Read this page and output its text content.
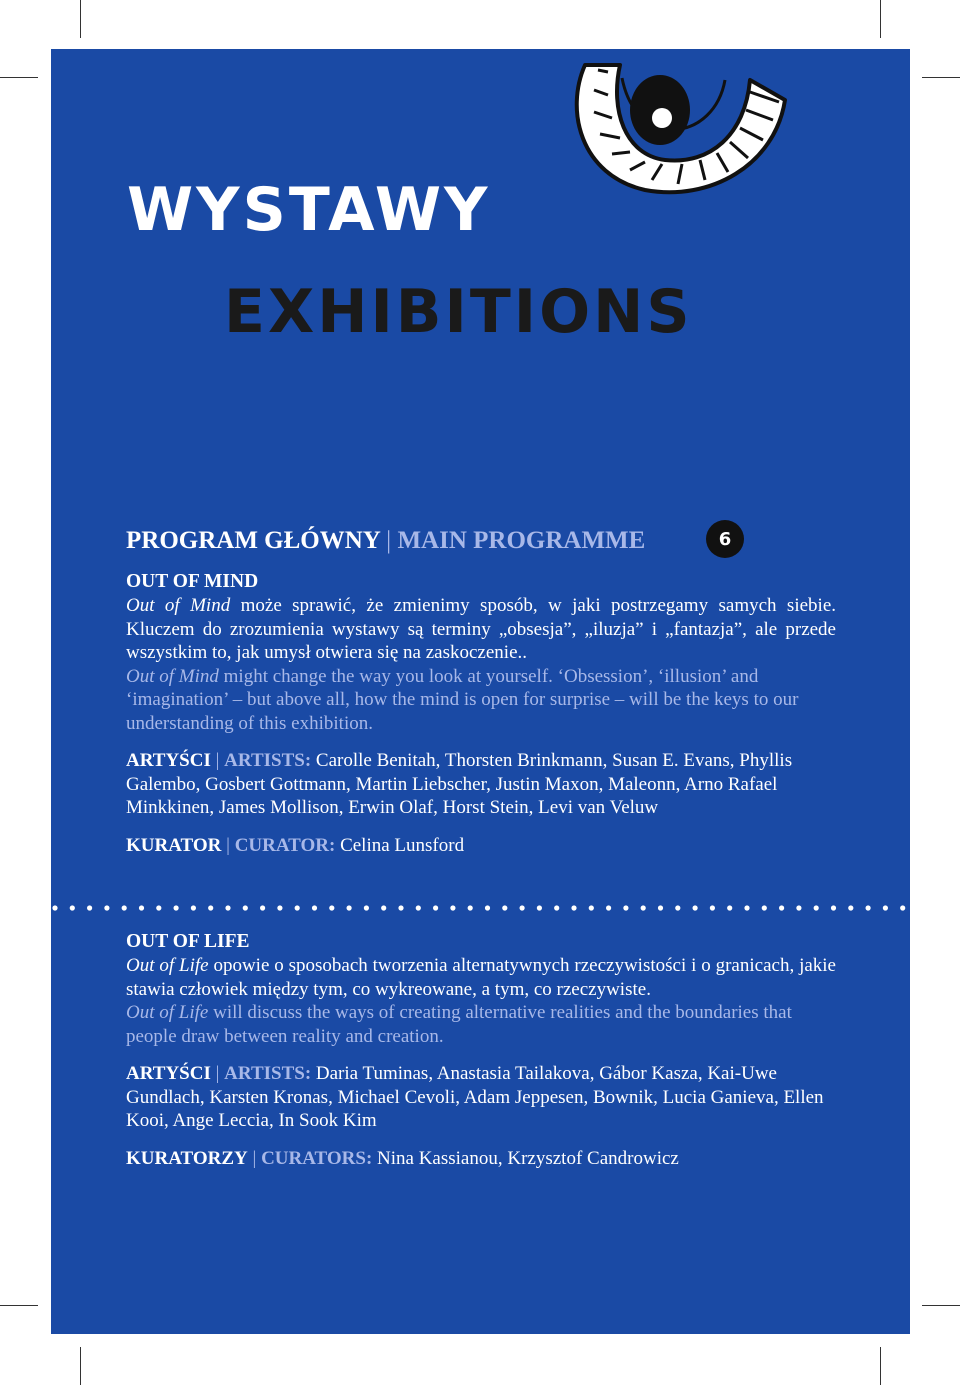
WYSTAWY
EXHIBITIONS
PROGRAM GŁÓWNY | MAIN PROGRAMME	6
OUT OF MIND

Out of Mind może sprawić, że zmienimy sposób, w jaki postrzegamy samych siebie. Kluczem do zrozumienia wystawy są terminy „obsesja”, „iluzja” i „fantazja”, ale przede wszystkim to, jak umysł otwiera się na zaskoczenie..

Out of Mind might change the way you look at yourself. ‘Obsession’, ‘illusion’ and ‘imagination’ – but above all, how the mind is open for surprise – will be the keys to our understanding of this exhibition.

ARTYŚCI | ARTISTS: Carolle Benitah, Thorsten Brinkmann, Susan E. Evans, Phyllis Galembo, Gosbert Gottmann, Martin Liebscher, Justin Maxon, Maleonn, Arno Rafael Minkkinen, James Mollison, Erwin Olaf, Horst Stein, Levi van Veluw

KURATOR | CURATOR: Celina Lunsford

OUT OF LIFE

Out of Life opowie o sposobach tworzenia alternatywnych rzeczywistości i o granicach, jakie stawia człowiek między tym, co wykreowane, a tym, co rzeczywiste.

Out of Life will discuss the ways of creating alternative realities and the boundaries that people draw between reality and creation.

ARTYŚCI | ARTISTS: Daria Tuminas, Anastasia Tailakova, Gábor Kasza, Kai-Uwe Gundlach, Karsten Kronas, Michael Cevoli, Adam Jeppesen, Bownik, Lucia Ganieva, Ellen Kooi, Ange Leccia, In Sook Kim

KURATORZY | CURATORS: Nina Kassianou, Krzysztof Candrowicz
